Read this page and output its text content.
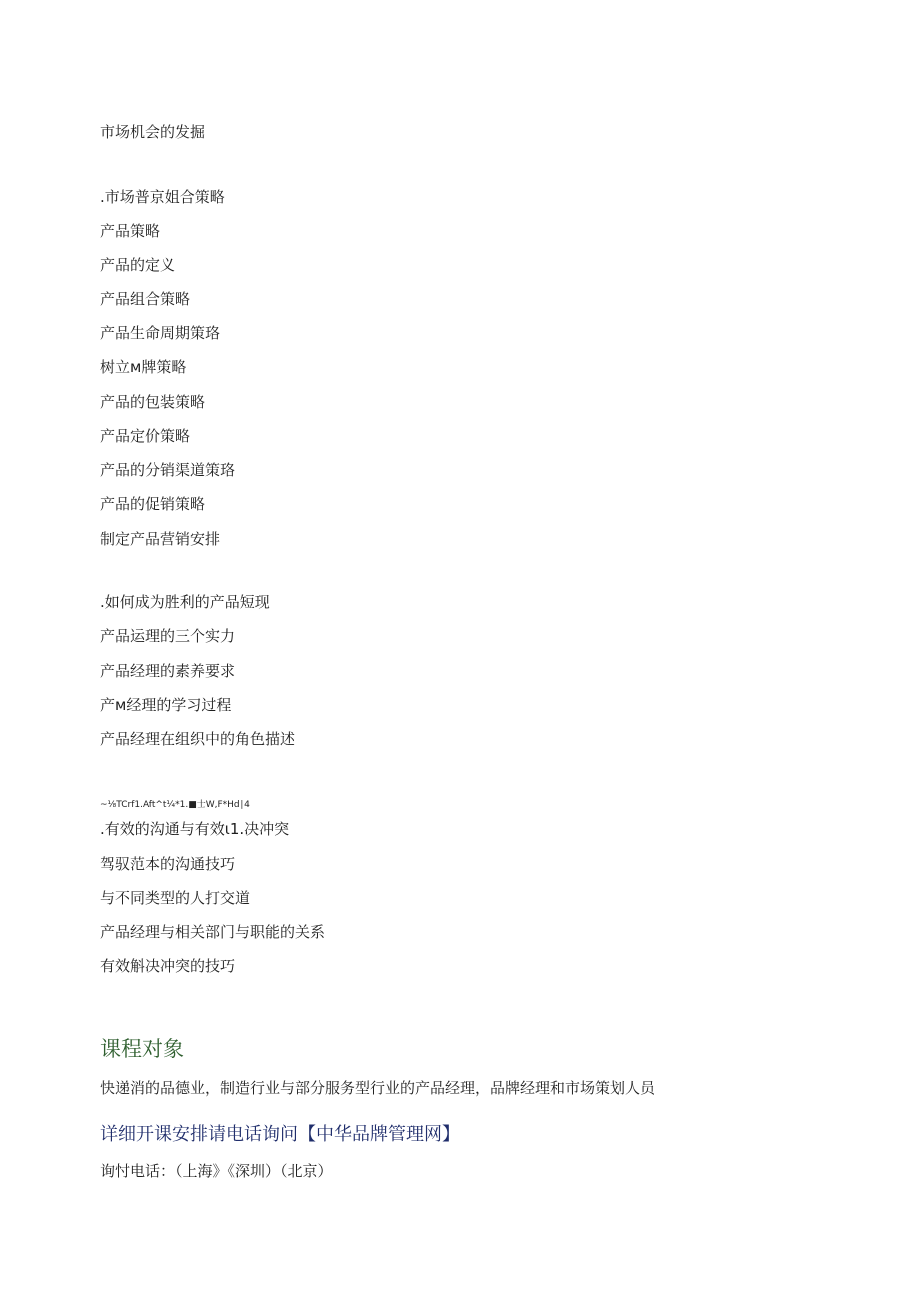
市场机会的发掘
.市场普京姐合策略
产品策略
产品的定义
产品组合策略
产品生命周期策珞
树立м牌策略
产品的包装策略
产品定价策略
产品的分销渠道策珞
产品的促销策略
制定产品营销安排
.如何成为胜利的产品短现
产品运理的三个实力
产品经理的素养要求
产м经理的学习过程
产品经理在组织中的角色描述
~⅛TCrf1.Aft^t¼*1.■士W,F*Hd∣4
.有效的沟通与有效ι1.决冲突
驾驭范本的沟通技巧
与不同类型的人打交道
产品经理与相关部门与职能的关系
有效斛决冲突的技巧
课程对象
快递消的品德业，制造行业与部分服务型行业的产品经理，品牌经理和市场策划人员
详细开课安排请电话询问【中华品牌管理网】
询忖电话：（上海》《深圳）（北京）
